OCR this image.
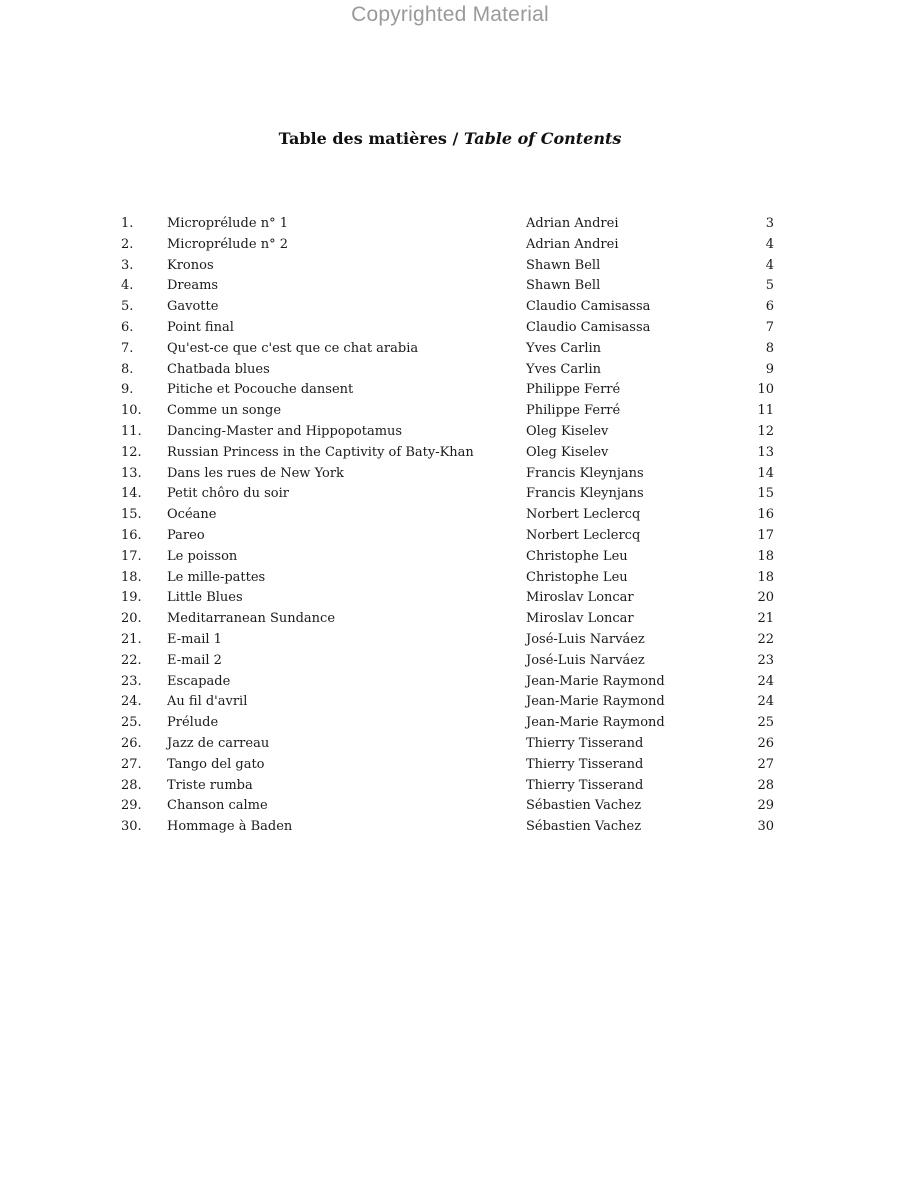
Copyrighted Material
Table des matières / Table of Contents
1.	Microprélude n° 1	Adrian Andrei	3
2.	Microprélude n° 2	Adrian Andrei	4
3.	Kronos	Shawn Bell	4
4.	Dreams	Shawn Bell	5
5.	Gavotte	Claudio Camisassa	6
6.	Point final	Claudio Camisassa	7
7.	Qu'est-ce que c'est que ce chat arabia	Yves Carlin	8
8.	Chatbada blues	Yves Carlin	9
9.	Pitiche et Pocouche dansent	Philippe Ferré	10
10. Comme un songe	Philippe Ferré	11
11. Dancing-Master and Hippopotamus	Oleg Kiselev	12
12. Russian Princess in the Captivity of Baty-Khan	Oleg Kiselev	13
13. Dans les rues de New York	Francis Kleynjans	14
14. Petit chôro du soir	Francis Kleynjans	15
15. Océane	Norbert Leclercq	16
16. Pareo	Norbert Leclercq	17
17. Le poisson	Christophe Leu	18
18. Le mille-pattes	Christophe Leu	18
19. Little Blues	Miroslav Loncar	20
20. Meditarranean Sundance	Miroslav Loncar	21
21. E-mail 1	José-Luis Narváez	22
22. E-mail 2	José-Luis Narváez	23
23. Escapade	Jean-Marie Raymond	24
24. Au fil d'avril	Jean-Marie Raymond	24
25. Prélude	Jean-Marie Raymond	25
26. Jazz de carreau	Thierry Tisserand	26
27. Tango del gato	Thierry Tisserand	27
28. Triste rumba	Thierry Tisserand	28
29. Chanson calme	Sébastien Vachez	29
30. Hommage à Baden	Sébastien Vachez	30
